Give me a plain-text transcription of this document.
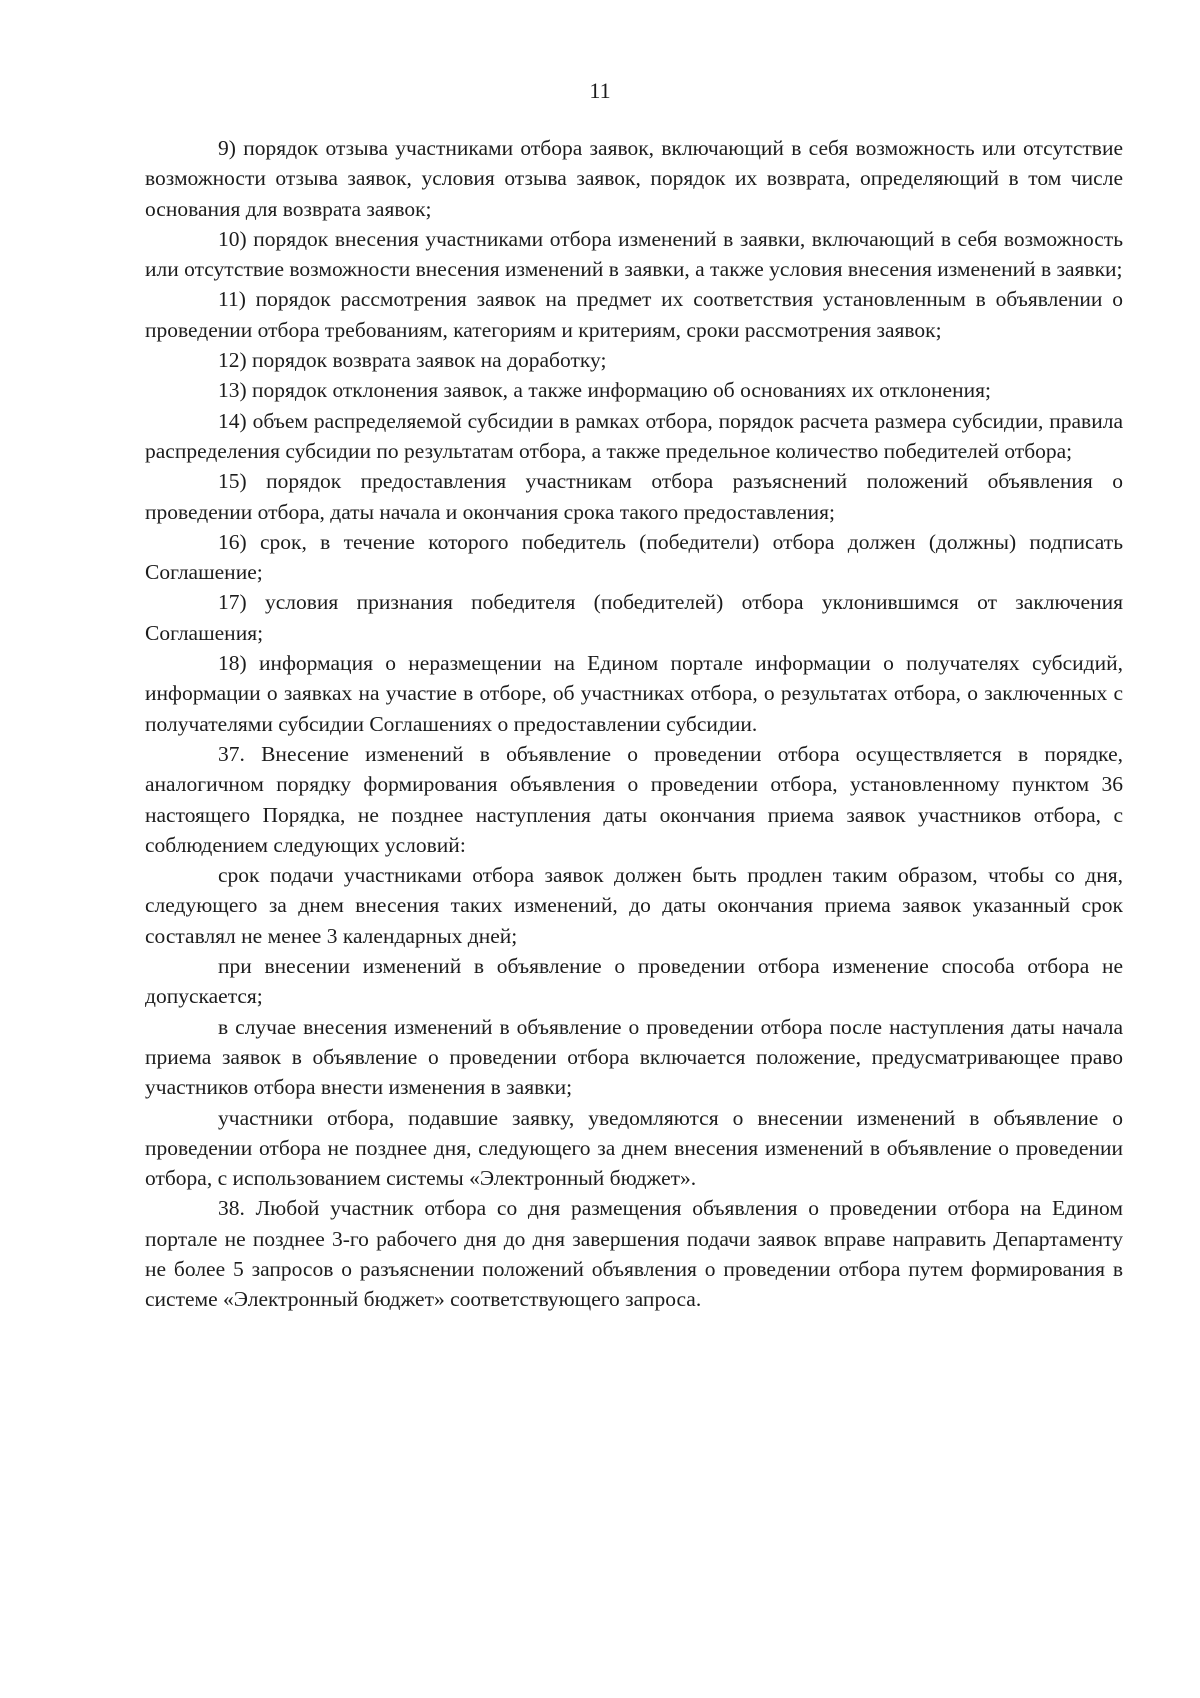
11

9) порядок отзыва участниками отбора заявок, включающий в себя возможность или отсутствие возможности отзыва заявок, условия отзыва заявок, порядок их возврата, определяющий в том числе основания для возврата заявок;

10) порядок внесения участниками отбора изменений в заявки, включающий в себя возможность или отсутствие возможности внесения изменений в заявки, а также условия внесения изменений в заявки;

11) порядок рассмотрения заявок на предмет их соответствия установленным в объявлении о проведении отбора требованиям, категориям и критериям, сроки рассмотрения заявок;

12) порядок возврата заявок на доработку;

13) порядок отклонения заявок, а также информацию об основаниях их отклонения;

14) объем распределяемой субсидии в рамках отбора, порядок расчета размера субсидии, правила распределения субсидии по результатам отбора, а также предельное количество победителей отбора;

15) порядок предоставления участникам отбора разъяснений положений объявления о проведении отбора, даты начала и окончания срока такого предоставления;

16) срок, в течение которого победитель (победители) отбора должен (должны) подписать Соглашение;

17) условия признания победителя (победителей) отбора уклонившимся от заключения Соглашения;

18) информация о неразмещении на Едином портале информации о получателях субсидий, информации о заявках на участие в отборе, об участниках отбора, о результатах отбора, о заключенных с получателями субсидии Соглашениях о предоставлении субсидии.

37. Внесение изменений в объявление о проведении отбора осуществляется в порядке, аналогичном порядку формирования объявления о проведении отбора, установленному пунктом 36 настоящего Порядка, не позднее наступления даты окончания приема заявок участников отбора, с соблюдением следующих условий:

срок подачи участниками отбора заявок должен быть продлен таким образом, чтобы со дня, следующего за днем внесения таких изменений, до даты окончания приема заявок указанный срок составлял не менее 3 календарных дней;

при внесении изменений в объявление о проведении отбора изменение способа отбора не допускается;

в случае внесения изменений в объявление о проведении отбора после наступления даты начала приема заявок в объявление о проведении отбора включается положение, предусматривающее право участников отбора внести изменения в заявки;

участники отбора, подавшие заявку, уведомляются о внесении изменений в объявление о проведении отбора не позднее дня, следующего за днем внесения изменений в объявление о проведении отбора, с использованием системы «Электронный бюджет».

38. Любой участник отбора со дня размещения объявления о проведении отбора на Едином портале не позднее 3-го рабочего дня до дня завершения подачи заявок вправе направить Департаменту не более 5 запросов о разъяснении положений объявления о проведении отбора путем формирования в системе «Электронный бюджет» соответствующего запроса.
